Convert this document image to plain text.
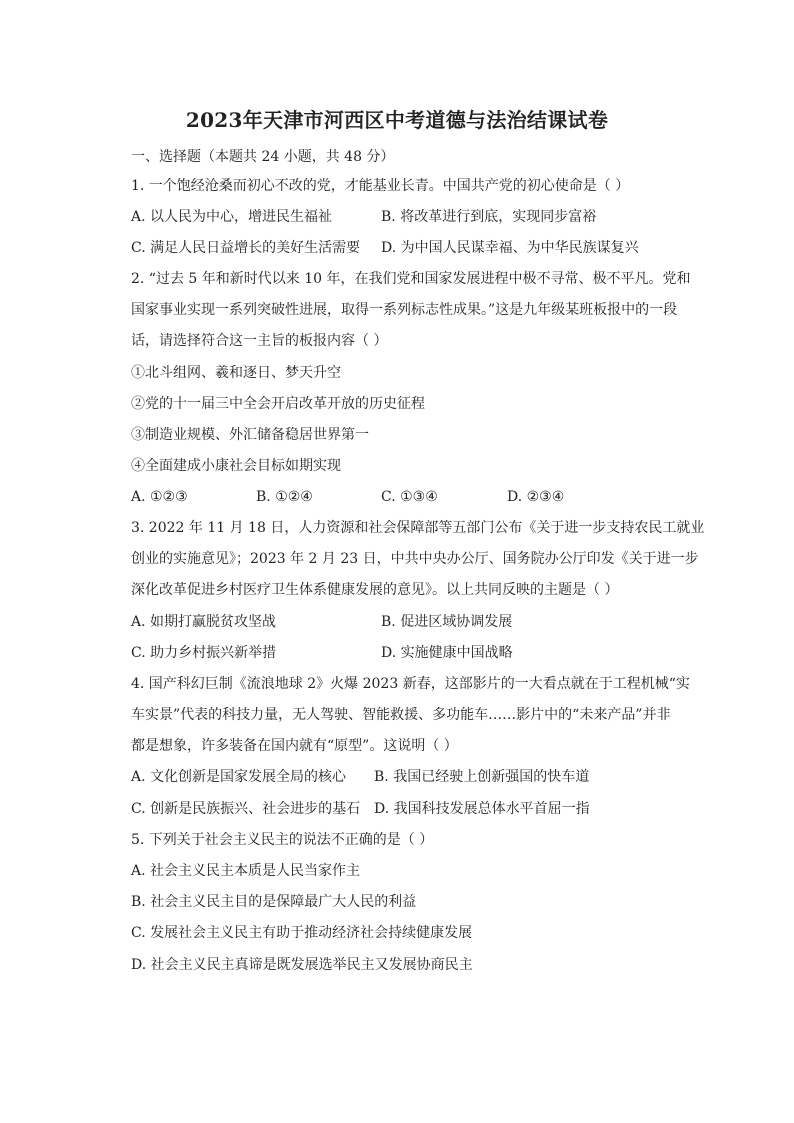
2023年天津市河西区中考道德与法治结课试卷
一、选择题（本题共 24 小题，共 48 分）
1. 一个饱经沧桑而初心不改的党，才能基业长青。中国共产党的初心使命是（ ）
A. 以人民为中心，增进民生福祉	B. 将改革进行到底，实现同步富裕
C. 满足人民日益增长的美好生活需要 D. 为中国人民谋幸福、为中华民族谋复兴
2. “过去 5 年和新时代以来 10 年，在我们党和国家发展进程中极不寻常、极不平凡。党和
国家事业实现一系列突破性进展，取得一系列标志性成果。”这是九年级某班板报中的一段
话，请选择符合这一主旨的板报内容（ ）
①北斗组网、羲和逐日、梦天升空
②党的十一届三中全会开启改革开放的历史征程
③制造业规模、外汇储备稳居世界第一
④全面建成小康社会目标如期实现
A. ①②③	B. ①②④	C. ①③④	D. ②③④
3. 2022 年 11 月 18 日，人力资源和社会保障部等五部门公布《关于进一步支持农民工就业
创业的实施意见》；2023 年 2 月 23 日，中共中央办公厅、国务院办公厅印发《关于进一步
深化改革促进乡村医疗卫生体系健康发展的意见》。以上共同反映的主题是（ ）
A. 如期打赢脱贫攻坚战	B. 促进区域协调发展
C. 助力乡村振兴新举措	D. 实施健康中国战略
4. 国产科幻巨制《流浪地球 2》火爆 2023 新春，这部影片的一大看点就在于工程机械“实
车实景”代表的科技力量，无人驾驶、智能救援、多功能车……影片中的“未来产品”并非
都是想象，许多装备在国内就有“原型”。这说明（ ）
A. 文化创新是国家发展全局的核心 B. 我国已经驶上创新强国的快车道
C. 创新是民族振兴、社会进步的基石 D. 我国科技发展总体水平首屈一指
5. 下列关于社会主义民主的说法不正确的是（ ）
A. 社会主义民主本质是人民当家作主
B. 社会主义民主目的是保障最广大人民的利益
C. 发展社会主义民主有助于推动经济社会持续健康发展
D. 社会主义民主真谛是既发展选举民主又发展协商民主
